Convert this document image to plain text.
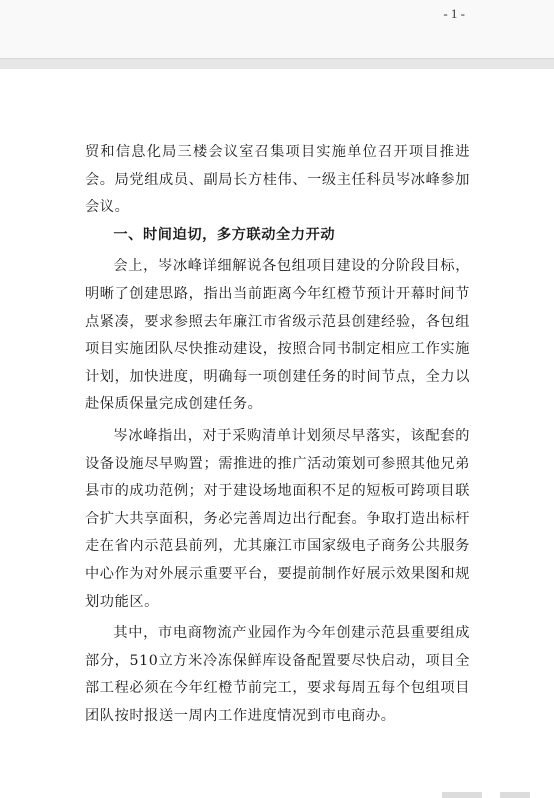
- 1 -

贸和信息化局三楼会议室召集项目实施单位召开项目推进会。局党组成员、副局长方桂伟、一级主任科员岑冰峰参加会议。

一、时间迫切，多方联动全力开动

会上，岑冰峰详细解说各包组项目建设的分阶段目标，明晰了创建思路，指出当前距离今年红橙节预计开幕时间节点紧凑，要求参照去年廉江市省级示范县创建经验，各包组项目实施团队尽快推动建设，按照合同书制定相应工作实施计划，加快进度，明确每一项创建任务的时间节点，全力以赴保质保量完成创建任务。

岑冰峰指出，对于采购清单计划须尽早落实，该配套的设备设施尽早购置；需推进的推广活动策划可参照其他兄弟县市的成功范例；对于建设场地面积不足的短板可跨项目联合扩大共享面积，务必完善周边出行配套。争取打造出标杆走在省内示范县前列，尤其廉江市国家级电子商务公共服务中心作为对外展示重要平台，要提前制作好展示效果图和规划功能区。

其中，市电商物流产业园作为今年创建示范县重要组成部分，510立方米冷冻保鲜库设备配置要尽快启动，项目全部工程必须在今年红橙节前完工，要求每周五每个包组项目团队按时报送一周内工作进度情况到市电商办。
